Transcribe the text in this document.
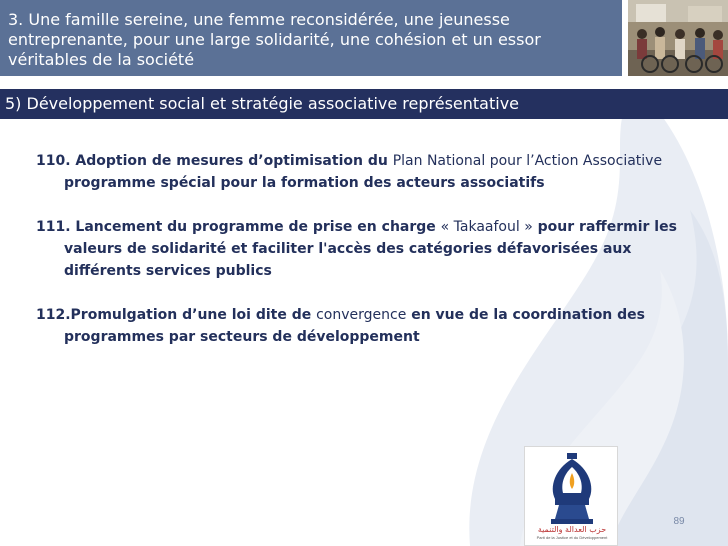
3. Une famille sereine, une femme reconsidérée, une jeunesse
entreprenante, pour une large solidarité, une cohésion et un essor
véritables de la société
5) Développement social et stratégie associative représentative
110. Adoption de mesures d’optimisation du Plan National pour l’Action Associative
programme spécial pour la formation des acteurs associatifs
111. Lancement du programme de prise en charge « Takaafoul » pour raffermir les valeurs de solidarité et faciliter l'accès des catégories défavorisées aux différents services publics
112.Promulgation d’une loi dite de convergence en vue de la coordination des programmes par secteurs de développement
حزب العدالة والتنمية
Parti de la Justice et du Développement
89
